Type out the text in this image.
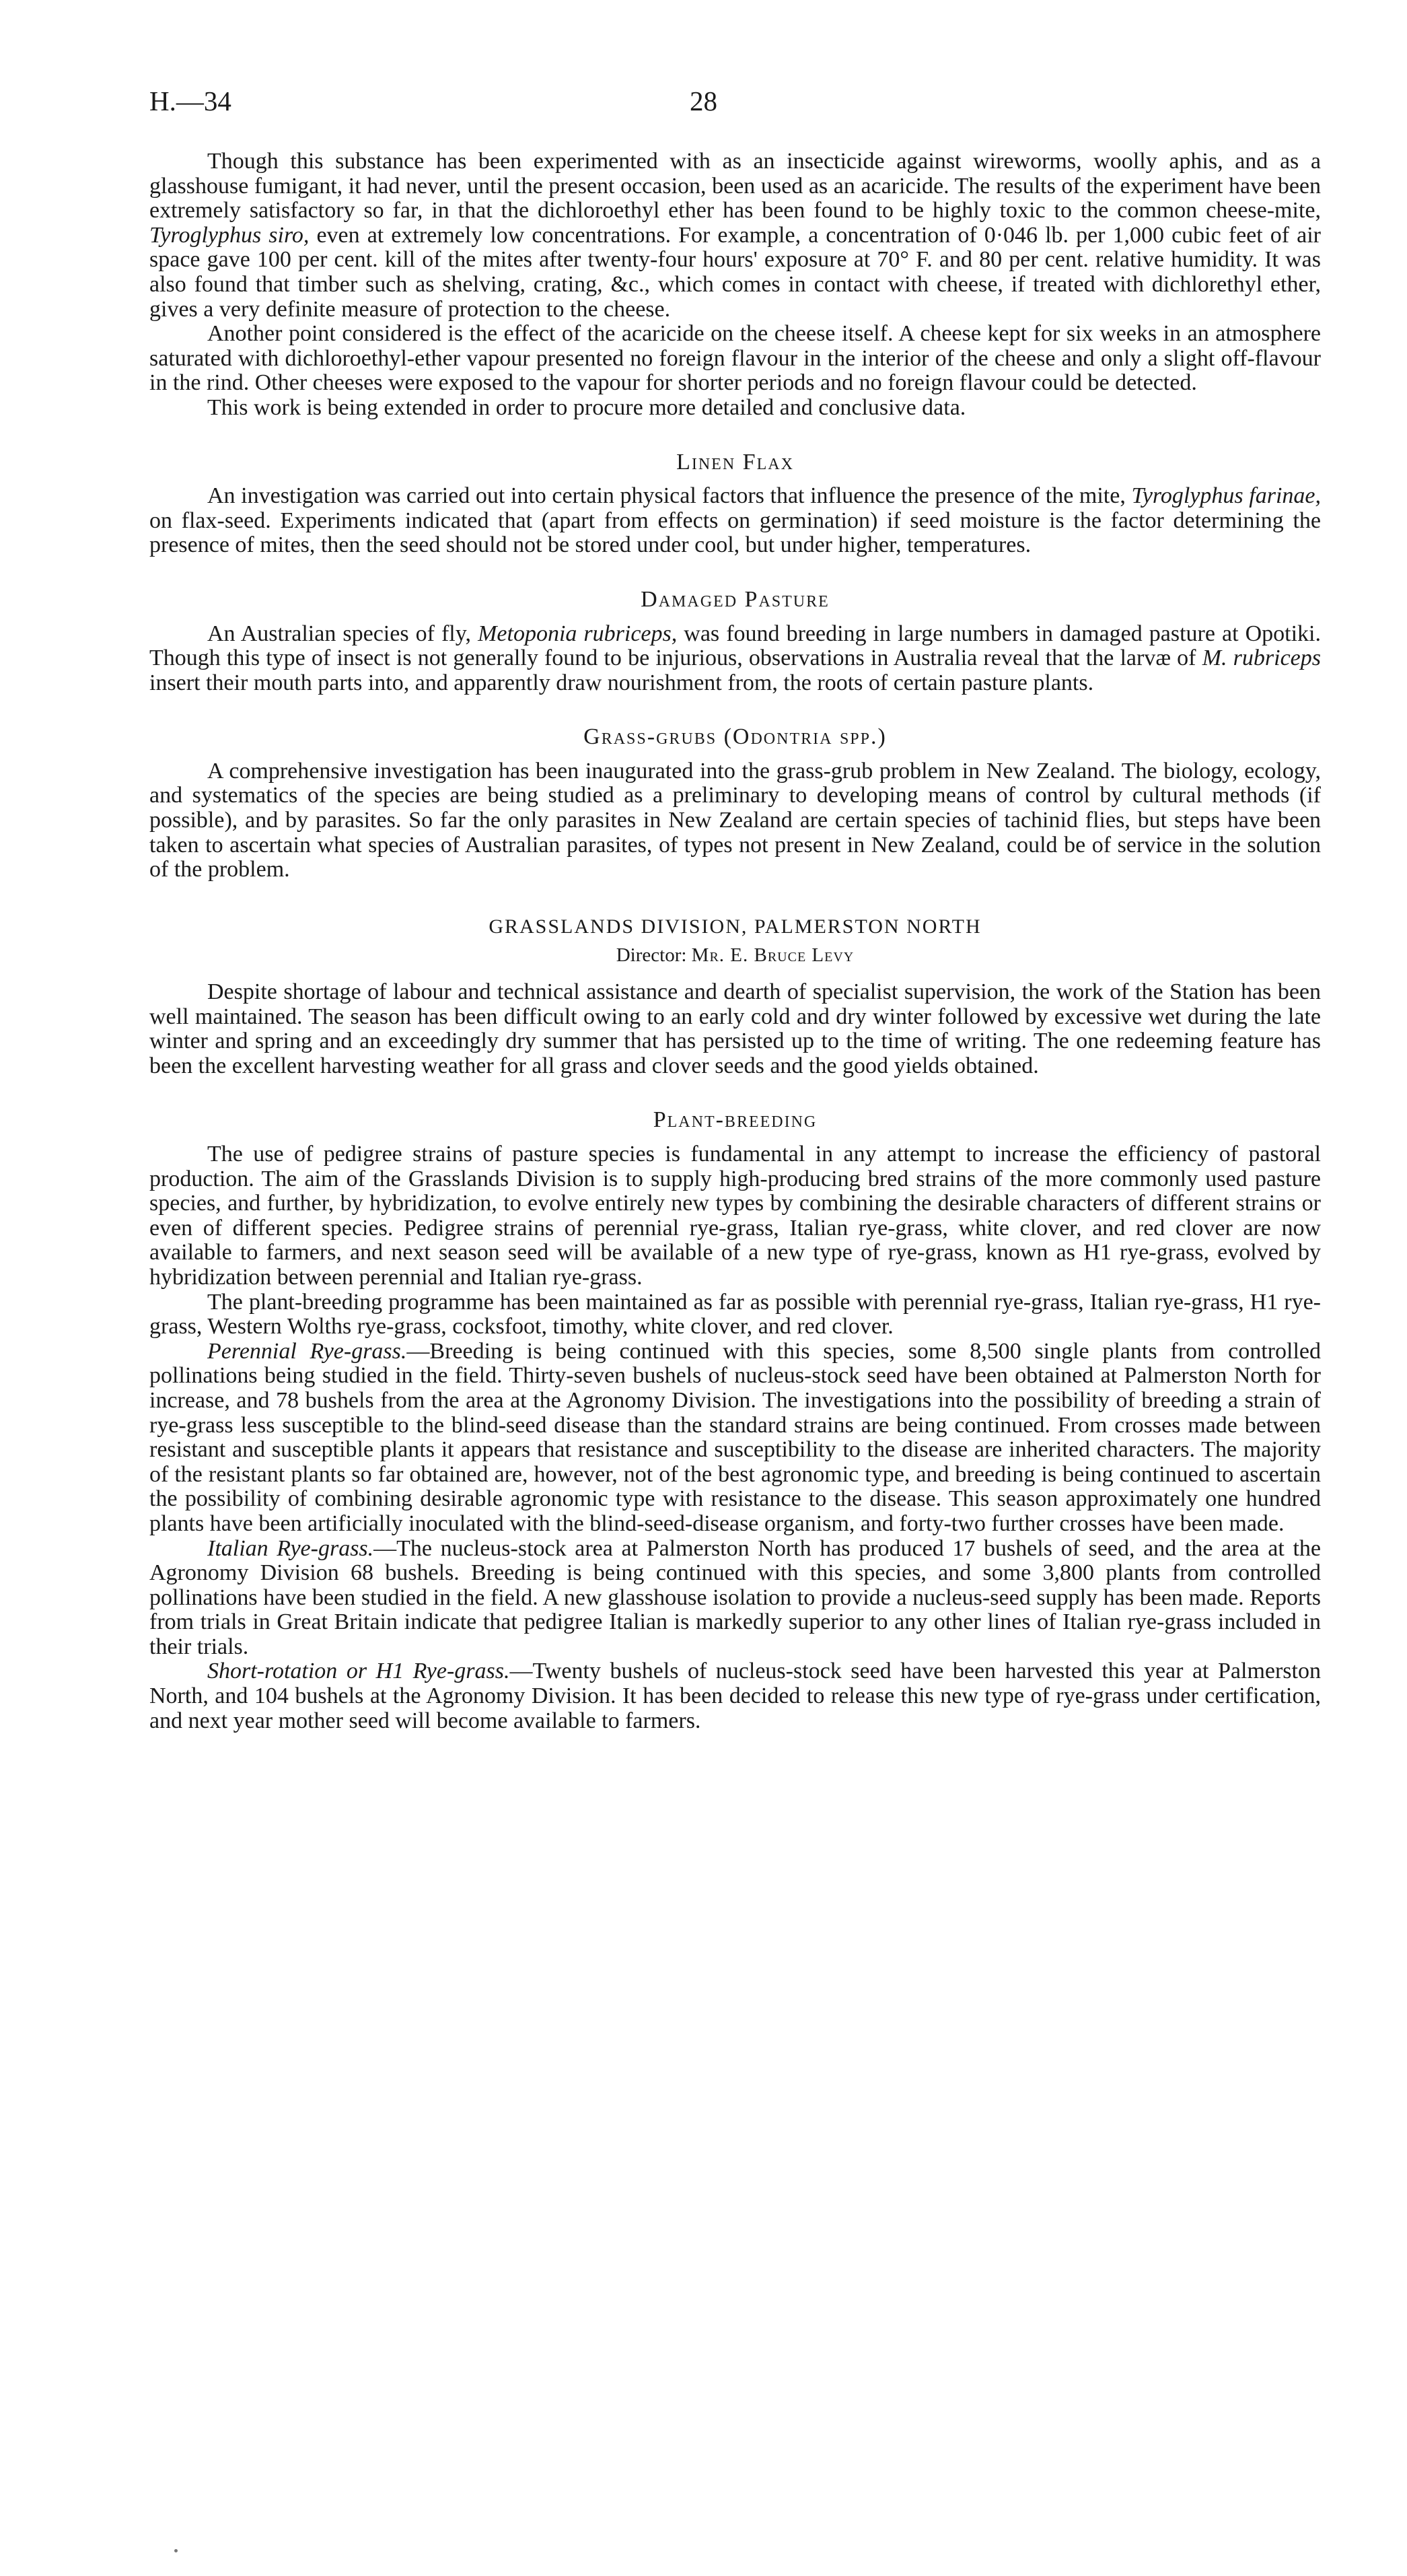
H.—34	28

Though this substance has been experimented with as an insecticide against wireworms, woolly aphis, and as a glasshouse fumigant, it had never, until the present occasion, been used as an acaricide. The results of the experiment have been extremely satisfactory so far, in that the dichloroethyl ether has been found to be highly toxic to the common cheese-mite, Tyroglyphus siro, even at extremely low concentrations. For example, a concentration of 0·046 lb. per 1,000 cubic feet of air space gave 100 per cent. kill of the mites after twenty-four hours' exposure at 70° F. and 80 per cent. relative humidity. It was also found that timber such as shelving, crating, &c., which comes in contact with cheese, if treated with dichlorethyl ether, gives a very definite measure of protection to the cheese.

Another point considered is the effect of the acaricide on the cheese itself. A cheese kept for six weeks in an atmosphere saturated with dichloroethyl-ether vapour presented no foreign flavour in the interior of the cheese and only a slight off-flavour in the rind. Other cheeses were exposed to the vapour for shorter periods and no foreign flavour could be detected.

This work is being extended in order to procure more detailed and conclusive data.

Linen Flax

An investigation was carried out into certain physical factors that influence the presence of the mite, Tyroglyphus farinae, on flax-seed. Experiments indicated that (apart from effects on germination) if seed moisture is the factor determining the presence of mites, then the seed should not be stored under cool, but under higher, temperatures.

Damaged Pasture

An Australian species of fly, Metoponia rubriceps, was found breeding in large numbers in damaged pasture at Opotiki. Though this type of insect is not generally found to be injurious, observations in Australia reveal that the larvæ of M. rubriceps insert their mouth parts into, and apparently draw nourishment from, the roots of certain pasture plants.

Grass-grubs (Odontria spp.)

A comprehensive investigation has been inaugurated into the grass-grub problem in New Zealand. The biology, ecology, and systematics of the species are being studied as a preliminary to developing means of control by cultural methods (if possible), and by parasites. So far the only parasites in New Zealand are certain species of tachinid flies, but steps have been taken to ascertain what species of Australian parasites, of types not present in New Zealand, could be of service in the solution of the problem.

GRASSLANDS DIVISION, PALMERSTON NORTH
Director: Mr. E. Bruce Levy

Despite shortage of labour and technical assistance and dearth of specialist supervision, the work of the Station has been well maintained. The season has been difficult owing to an early cold and dry winter followed by excessive wet during the late winter and spring and an exceedingly dry summer that has persisted up to the time of writing. The one redeeming feature has been the excellent harvesting weather for all grass and clover seeds and the good yields obtained.

Plant-breeding

The use of pedigree strains of pasture species is fundamental in any attempt to increase the efficiency of pastoral production. The aim of the Grasslands Division is to supply high-producing bred strains of the more commonly used pasture species, and further, by hybridization, to evolve entirely new types by combining the desirable characters of different strains or even of different species. Pedigree strains of perennial rye-grass, Italian rye-grass, white clover, and red clover are now available to farmers, and next season seed will be available of a new type of rye-grass, known as H1 rye-grass, evolved by hybridization between perennial and Italian rye-grass.

The plant-breeding programme has been maintained as far as possible with perennial rye-grass, Italian rye-grass, H1 rye-grass, Western Wolths rye-grass, cocksfoot, timothy, white clover, and red clover.

Perennial Rye-grass.—Breeding is being continued with this species, some 8,500 single plants from controlled pollinations being studied in the field. Thirty-seven bushels of nucleus-stock seed have been obtained at Palmerston North for increase, and 78 bushels from the area at the Agronomy Division. The investigations into the possibility of breeding a strain of rye-grass less susceptible to the blind-seed disease than the standard strains are being continued. From crosses made between resistant and susceptible plants it appears that resistance and susceptibility to the disease are inherited characters. The majority of the resistant plants so far obtained are, however, not of the best agronomic type, and breeding is being continued to ascertain the possibility of combining desirable agronomic type with resistance to the disease. This season approximately one hundred plants have been artificially inoculated with the blind-seed-disease organism, and forty-two further crosses have been made.

Italian Rye-grass.—The nucleus-stock area at Palmerston North has produced 17 bushels of seed, and the area at the Agronomy Division 68 bushels. Breeding is being continued with this species, and some 3,800 plants from controlled pollinations have been studied in the field. A new glasshouse isolation to provide a nucleus-seed supply has been made. Reports from trials in Great Britain indicate that pedigree Italian is markedly superior to any other lines of Italian rye-grass included in their trials.

Short-rotation or H1 Rye-grass.—Twenty bushels of nucleus-stock seed have been harvested this year at Palmerston North, and 104 bushels at the Agronomy Division. It has been decided to release this new type of rye-grass under certification, and next year mother seed will become available to farmers.
